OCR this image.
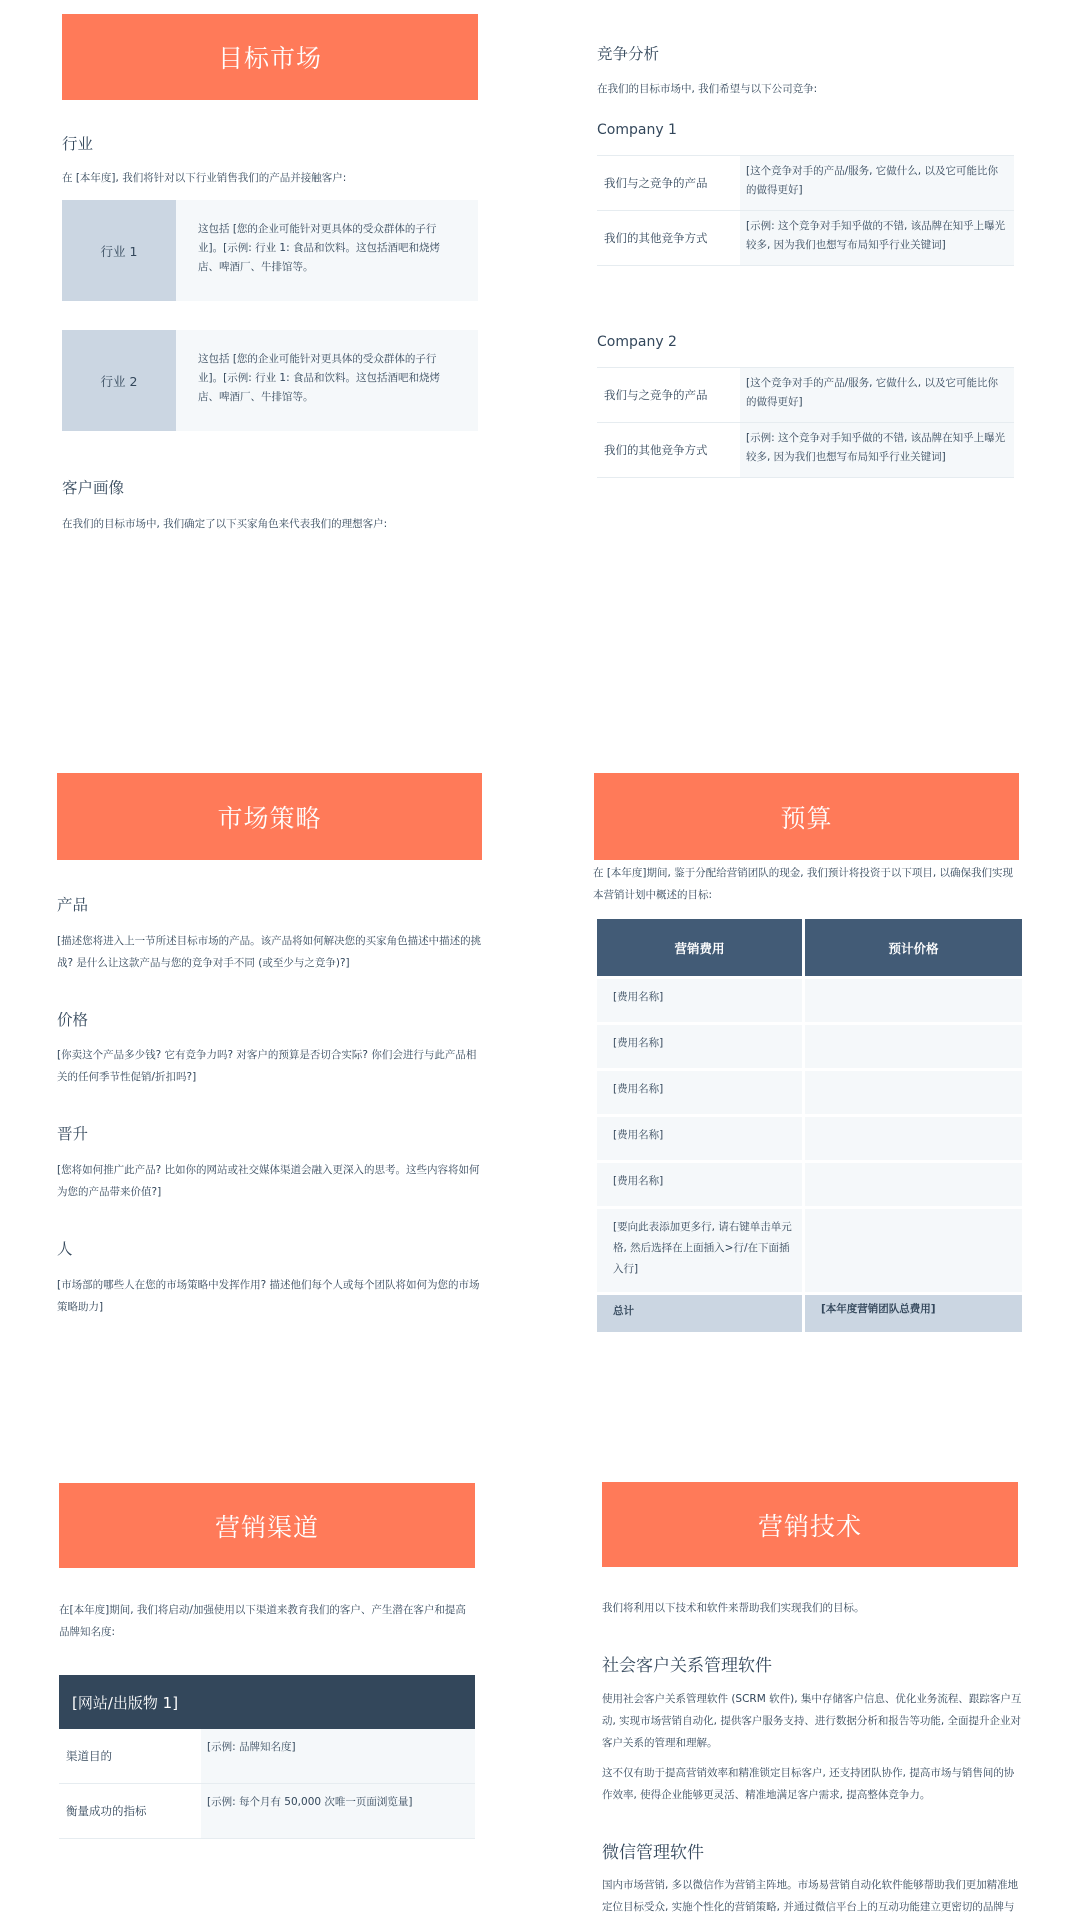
目标市场
行业
在 [本年度], 我们将针对以下行业销售我们的产品并接触客户:
行业 1
这包括 [您的企业可能针对更具体的受众群体的子行业]。[示例: 行业 1: 食品和饮料。这包括酒吧和烧烤店、啤酒厂、牛排馆等。
行业 2
这包括 [您的企业可能针对更具体的受众群体的子行业]。[示例: 行业 1: 食品和饮料。这包括酒吧和烧烤店、啤酒厂、牛排馆等。
客户画像
在我们的目标市场中, 我们确定了以下买家角色来代表我们的理想客户:
竞争分析
在我们的目标市场中, 我们希望与以下公司竞争:
Company 1
我们与之竞争的产品
[这个竞争对手的产品/服务, 它做什么, 以及它可能比你的做得更好]
我们的其他竞争方式
[示例: 这个竞争对手知乎做的不错, 该品牌在知乎上曝光较多, 因为我们也想写布局知乎行业关键词]
Company 2
我们与之竞争的产品
[这个竞争对手的产品/服务, 它做什么, 以及它可能比你的做得更好]
我们的其他竞争方式
[示例: 这个竞争对手知乎做的不错, 该品牌在知乎上曝光较多, 因为我们也想写布局知乎行业关键词]
市场策略
产品
[描述您将进入上一节所述目标市场的产品。该产品将如何解决您的买家角色描述中描述的挑战? 是什么让这款产品与您的竞争对手不同 (或至少与之竞争)?]
价格
[你卖这个产品多少钱? 它有竞争力吗? 对客户的预算是否切合实际? 你们会进行与此产品相关的任何季节性促销/折扣吗?]
晋升
[您将如何推广此产品? 比如你的网站或社交媒体渠道会融入更深入的思考。这些内容将如何为您的产品带来价值?]
人
[市场部的哪些人在您的市场策略中发挥作用? 描述他们每个人或每个团队将如何为您的市场策略助力]
预算
在 [本年度]期间, 鉴于分配给营销团队的现金, 我们预计将投资于以下项目, 以确保我们实现本营销计划中概述的目标:
营销费用	预计价格
[费用名称]
[费用名称]
[费用名称]
[费用名称]
[费用名称]
[要向此表添加更多行, 请右键单击单元格, 然后选择在上面插入>行/在下面插入行]
总计	[本年度营销团队总费用]
营销渠道
在[本年度]期间, 我们将启动/加强使用以下渠道来教育我们的客户、产生潜在客户和提高品牌知名度:
[网站/出版物 1]
渠道目的
[示例: 品牌知名度]
衡量成功的指标
[示例: 每个月有 50,000 次唯一页面浏览量]
营销技术
我们将利用以下技术和软件来帮助我们实现我们的目标。
社会客户关系管理软件
使用社会客户关系管理软件 (SCRM 软件), 集中存储客户信息、优化业务流程、跟踪客户互动, 实现市场营销自动化, 提供客户服务支持、进行数据分析和报告等功能, 全面提升企业对客户关系的管理和理解。
这不仅有助于提高营销效率和精准锁定目标客户, 还支持团队协作, 提高市场与销售间的协作效率, 使得企业能够更灵活、精准地满足客户需求, 提高整体竞争力。
微信管理软件
国内市场营销, 多以微信作为营销主阵地。市场易营销自动化软件能够帮助我们更加精准地定位目标受众, 实施个性化的营销策略, 并通过微信平台上的互动功能建立更密切的品牌与
